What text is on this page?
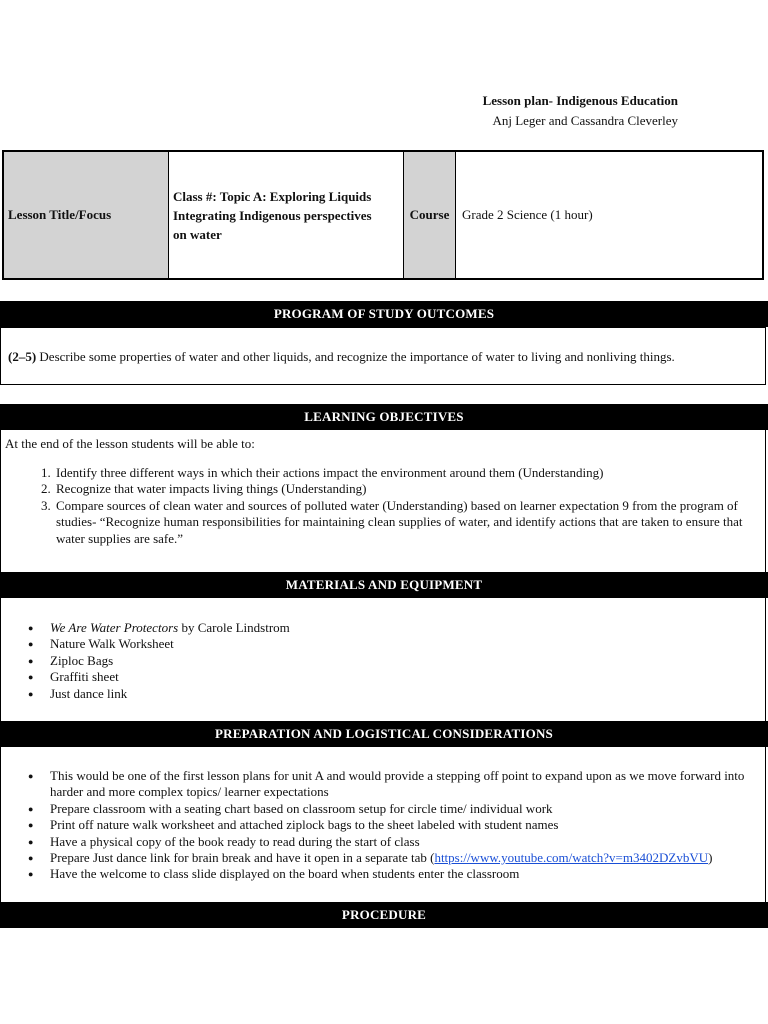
Lesson plan- Indigenous Education
Anj Leger and Cassandra Cleverley
Lesson Title/Focus
Class #: Topic A: Exploring Liquids
Integrating Indigenous perspectives
on water
Course Grade 2 Science (1 hour)
PROGRAM OF STUDY OUTCOMES
(2–5) Describe some properties of water and other liquids, and recognize the importance of water to living and nonliving things.
LEARNING OBJECTIVES
At the end of the lesson students will be able to:
1. Identify three different ways in which their actions impact the environment around them (Understanding)
2. Recognize that water impacts living things (Understanding)
3. Compare sources of clean water and sources of polluted water (Understanding) based on learner expectation 9 from the program of studies- “Recognize human responsibilities for maintaining clean supplies of water, and identify actions that are taken to ensure that water supplies are safe.”
MATERIALS AND EQUIPMENT
● We Are Water Protectors by Carole Lindstrom
● Nature Walk Worksheet
● Ziploc Bags
● Graffiti sheet
● Just dance link
PREPARATION AND LOGISTICAL CONSIDERATIONS
● This would be one of the first lesson plans for unit A and would provide a stepping off point to expand upon as we move forward into harder and more complex topics/ learner expectations
● Prepare classroom with a seating chart based on classroom setup for circle time/ individual work
● Print off nature walk worksheet and attached ziplock bags to the sheet labeled with student names
● Have a physical copy of the book ready to read during the start of class
● Prepare Just dance link for brain break and have it open in a separate tab (https://www.youtube.com/watch?v=m3402DZvbVU)
● Have the welcome to class slide displayed on the board when students enter the classroom
PROCEDURE
